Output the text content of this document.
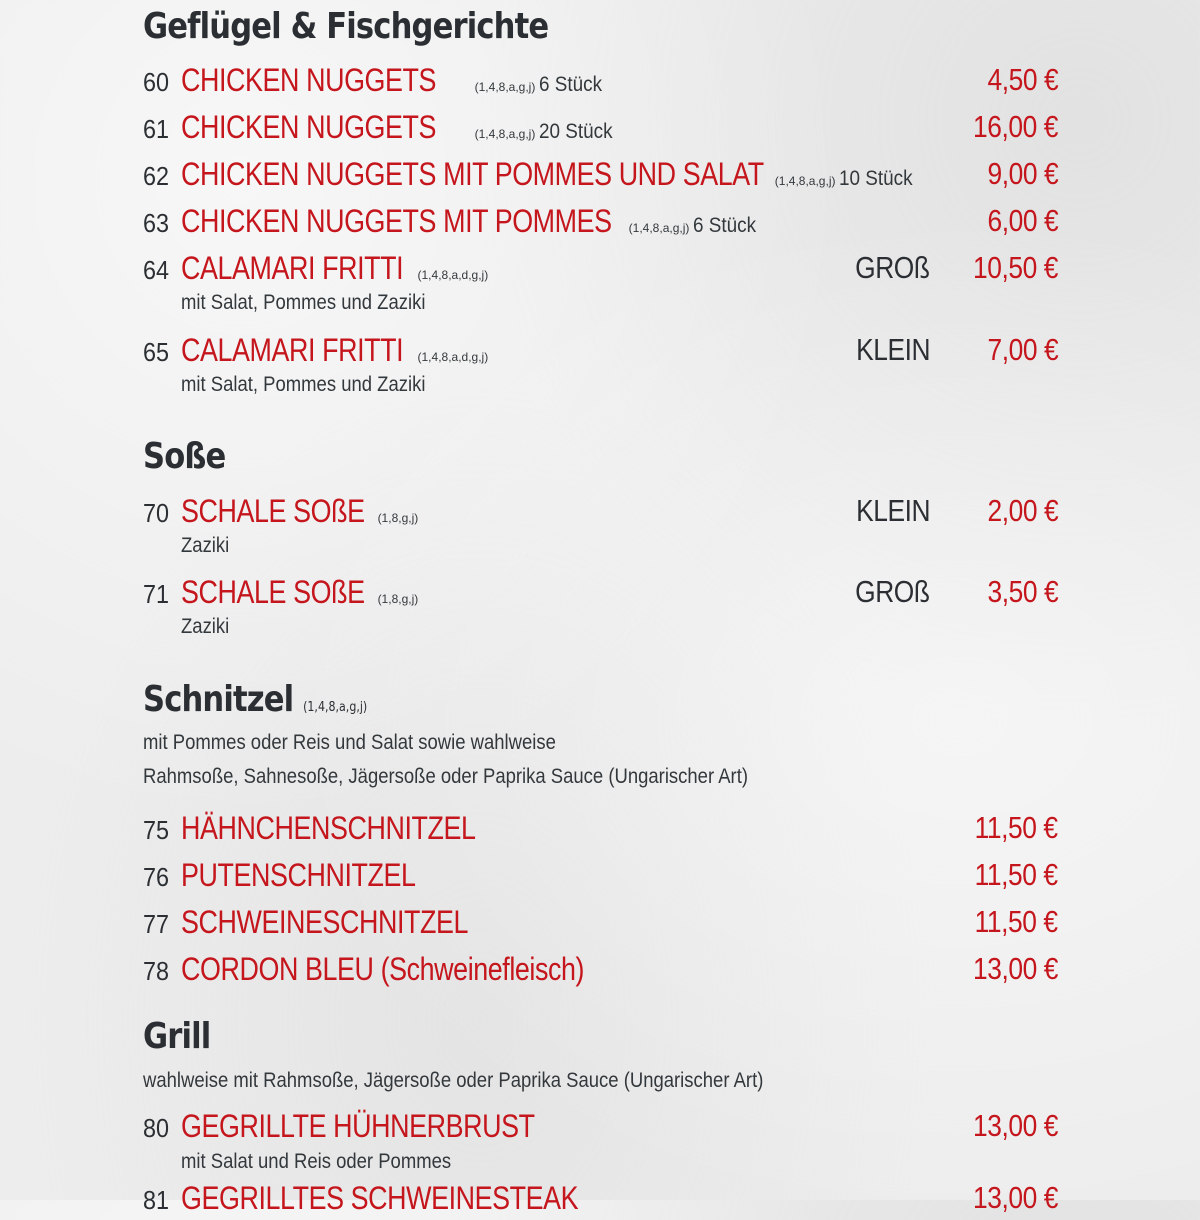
Geflügel & Fischgerichte
60 CHICKEN NUGGETS	(1,4,8,a,g,j) 6 Stück	4,50 €
61 CHICKEN NUGGETS	(1,4,8,a,g,j) 20 Stück	16,00 €
62 CHICKEN NUGGETS MIT POMMES UND SALAT (1,4,8,a,g,j) 10 Stück 9,00 €
63 CHICKEN NUGGETS MIT POMMES (1,4,8,a,g,j) 6 Stück	6,00 €
64 CALAMARI FRITTI (1,4,8,a,d,g,j)	GROß 10,50 €
mit Salat, Pommes und Zaziki
65 CALAMARI FRITTI (1,4,8,a,d,g,j)	KLEIN 7,00 €
mit Salat, Pommes und Zaziki
Soße
70 SCHALE SOßE (1,8,g,j)	KLEIN 2,00 €
Zaziki
71 SCHALE SOßE (1,8,g,j)	GROß 3,50 €
Zaziki
Schnitzel (1,4,8,a,g,j)
mit Pommes oder Reis und Salat sowie wahlweise
Rahmsoße, Sahnesoße, Jägersoße oder Paprika Sauce (Ungarischer Art)
75 HÄHNCHENSCHNITZEL	11,50 €
76 PUTENSCHNITZEL	11,50 €
77 SCHWEINESCHNITZEL	11,50 €
78 CORDON BLEU (Schweinefleisch)	13,00 €
Grill
wahlweise mit Rahmsoße, Jägersoße oder Paprika Sauce (Ungarischer Art)
80 GEGRILLTE HÜHNERBRUST	13,00 €
mit Salat und Reis oder Pommes
81 GEGRILLTES SCHWEINESTEAK	13,00 €
